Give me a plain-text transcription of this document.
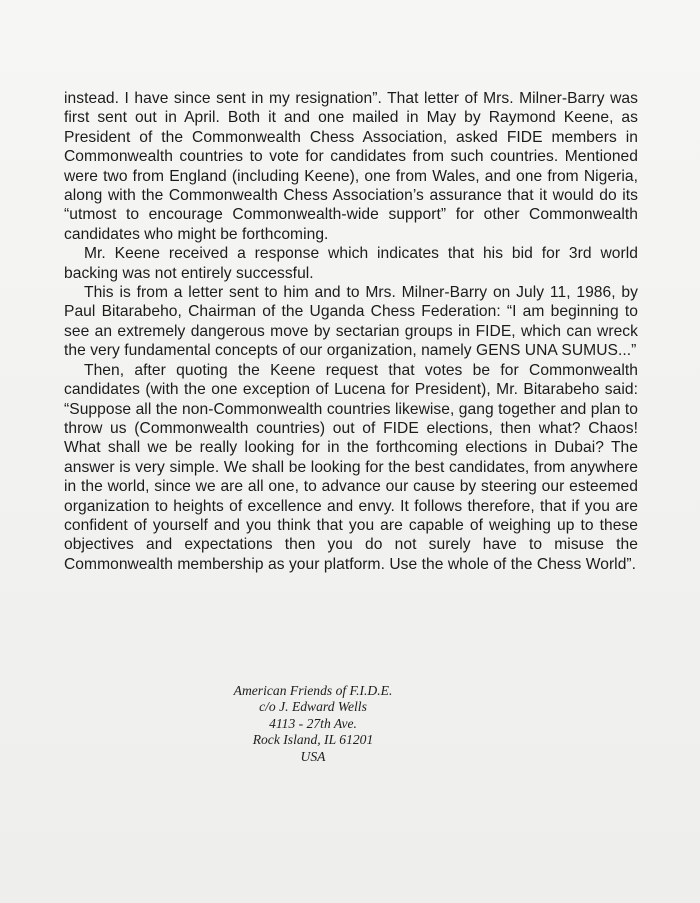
instead. I have since sent in my resignation”. That letter of Mrs. Milner-Barry was first sent out in April. Both it and one mailed in May by Raymond Keene, as President of the Commonwealth Chess Association, asked FIDE members in Commonwealth countries to vote for candidates from such countries. Mentioned were two from England (including Keene), one from Wales, and one from Nigeria, along with the Commonwealth Chess Association’s assurance that it would do its “utmost to encourage Commonwealth-wide support” for other Commonwealth candidates who might be forthcoming.

Mr. Keene received a response which indicates that his bid for 3rd world backing was not entirely successful.

This is from a letter sent to him and to Mrs. Milner-Barry on July 11, 1986, by Paul Bitarabeho, Chairman of the Uganda Chess Federation: “I am beginning to see an extremely dangerous move by sectarian groups in FIDE, which can wreck the very fundamental concepts of our organization, namely GENS UNA SUMUS...”

Then, after quoting the Keene request that votes be for Commonwealth candidates (with the one exception of Lucena for President), Mr. Bitarabeho said: “Suppose all the non-Commonwealth countries likewise, gang together and plan to throw us (Commonwealth countries) out of FIDE elections, then what? Chaos! What shall we be really looking for in the forthcoming elections in Dubai? The answer is very simple. We shall be looking for the best candidates, from anywhere in the world, since we are all one, to advance our cause by steering our esteemed organization to heights of excellence and envy. It follows therefore, that if you are confident of yourself and you think that you are capable of weighing up to these objectives and expectations then you do not surely have to misuse the Commonwealth membership as your platform. Use the whole of the Chess World”.

American Friends of F.I.D.E.
c/o J. Edward Wells
4113 - 27th Ave.
Rock Island, IL 61201
USA
